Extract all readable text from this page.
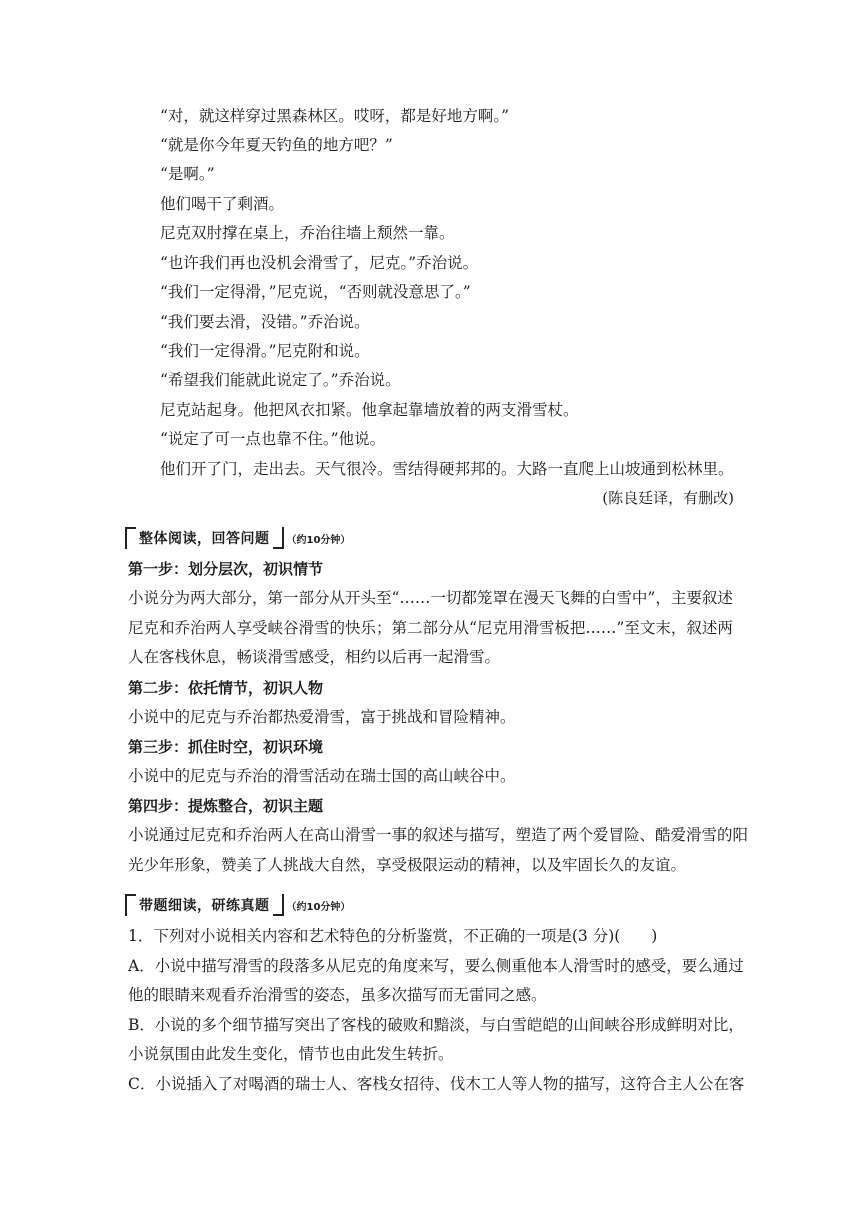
“对，就这样穿过黑森林区。哎呀，都是好地方啊。”
“就是你今年夏天钓鱼的地方吧？”
“是啊。”
他们喝干了剩酒。
尼克双肘撑在桌上，乔治往墙上颓然一靠。
“也许我们再也没机会滑雪了，尼克。”乔治说。
“我们一定得滑，”尼克说，“否则就没意思了。”
“我们要去滑，没错。”乔治说。
“我们一定得滑。”尼克附和说。
“希望我们能就此说定了。”乔治说。
尼克站起身。他把风衣扣紧。他拿起靠墙放着的两支滑雪杖。
“说定了可一点也靠不住。”他说。
他们开了门，走出去。天气很冷。雪结得硬邦邦的。大路一直爬上山坡通到松林里。
(陈良廷译，有删改)
整体阅读，回答问题	（约10分钟）
第一步：划分层次，初识情节
小说分为两大部分，第一部分从开头至“……一切都笼罩在漫天飞舞的白雪中”，主要叙述
尼克和乔治两人享受峡谷滑雪的快乐；第二部分从“尼克用滑雪板把……”至文末，叙述两
人在客栈休息，畅谈滑雪感受，相约以后再一起滑雪。
第二步：依托情节，初识人物
小说中的尼克与乔治都热爱滑雪，富于挑战和冒险精神。
第三步：抓住时空，初识环境
小说中的尼克与乔治的滑雪活动在瑞士国的高山峡谷中。
第四步：提炼整合，初识主题
小说通过尼克和乔治两人在高山滑雪一事的叙述与描写，塑造了两个爱冒险、酷爱滑雪的阳
光少年形象，赞美了人挑战大自然，享受极限运动的精神，以及牢固长久的友谊。
带题细读，研练真题	（约10分钟）
1．下列对小说相关内容和艺术特色的分析鉴赏，不正确的一项是(3 分)(　　)
A．小说中描写滑雪的段落多从尼克的角度来写，要么侧重他本人滑雪时的感受，要么通过
他的眼睛来观看乔治滑雪的姿态，虽多次描写而无雷同之感。
B．小说的多个细节描写突出了客栈的破败和黯淡，与白雪皑皑的山间峡谷形成鲜明对比，
小说氛围由此发生变化，情节也由此发生转折。
C．小说插入了对喝酒的瑞士人、客栈女招待、伐木工人等人物的描写，这符合主人公在客
